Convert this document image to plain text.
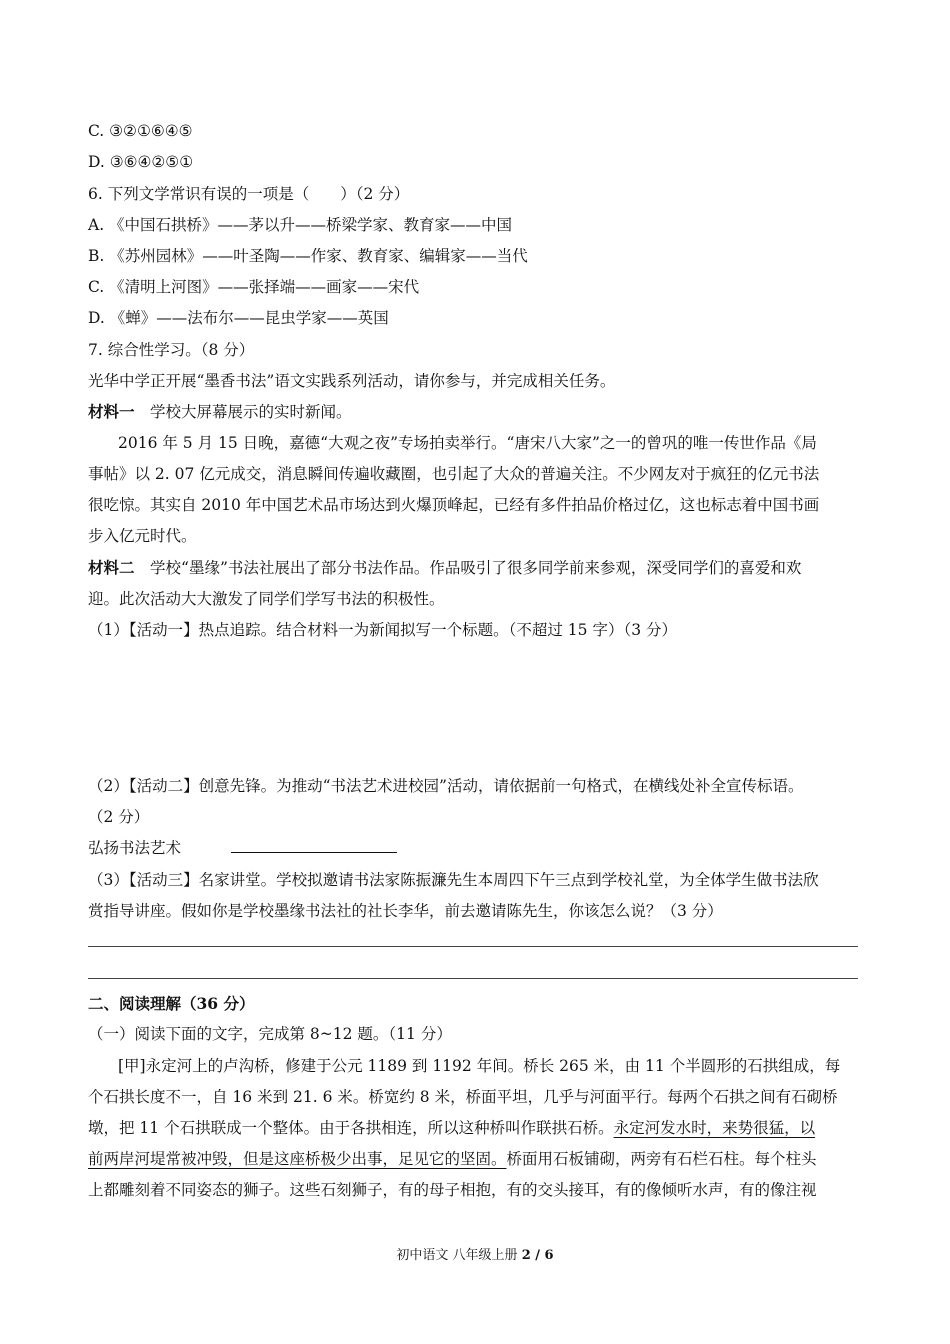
C. ③②①⑥④⑤
D. ③⑥④②⑤①
6. 下列文学常识有误的一项是（　　）（2 分）
A. 《中国石拱桥》——茅以升——桥梁学家、教育家——中国
B. 《苏州园林》——叶圣陶——作家、教育家、编辑家——当代
C. 《清明上河图》——张择端——画家——宋代
D. 《蝉》——法布尔——昆虫学家——英国
7. 综合性学习。（8 分）
光华中学正开展“墨香书法”语文实践系列活动，请你参与，并完成相关任务。
材料一　学校大屏幕展示的实时新闻。
2016 年 5 月 15 日晚，嘉德“大观之夜”专场拍卖举行。“唐宋八大家”之一的曾巩的唯一传世作品《局
事帖》以 2. 07 亿元成交，消息瞬间传遍收藏圈，也引起了大众的普遍关注。不少网友对于疯狂的亿元书法
很吃惊。其实自 2010 年中国艺术品市场达到火爆顶峰起，已经有多件拍品价格过亿，这也标志着中国书画
步入亿元时代。
材料二　学校“墨缘”书法社展出了部分书法作品。作品吸引了很多同学前来参观，深受同学们的喜爱和欢
迎。此次活动大大激发了同学们学写书法的积极性。
（1）【活动一】热点追踪。结合材料一为新闻拟写一个标题。（不超过 15 字）（3 分）
（2）【活动二】创意先锋。为推动“书法艺术进校园”活动，请依据前一句格式，在横线处补全宣传标语。
（2 分）
弘扬书法艺术
（3）【活动三】名家讲堂。学校拟邀请书法家陈振濂先生本周四下午三点到学校礼堂，为全体学生做书法欣
赏指导讲座。假如你是学校墨缘书法社的社长李华，前去邀请陈先生，你该怎么说？（3 分）
二、阅读理解（36 分）
（一）阅读下面的文字，完成第 8~12 题。（11 分）
[甲]永定河上的卢沟桥，修建于公元 1189 到 1192 年间。桥长 265 米，由 11 个半圆形的石拱组成，每
个石拱长度不一，自 16 米到 21. 6 米。桥宽约 8 米，桥面平坦，几乎与河面平行。每两个石拱之间有石砌桥
墩，把 11 个石拱联成一个整体。由于各拱相连，所以这种桥叫作联拱石桥。永定河发水时，来势很猛，以
前两岸河堤常被冲毁，但是这座桥极少出事，足见它的坚固。桥面用石板铺砌，两旁有石栏石柱。每个柱头
上都雕刻着不同姿态的狮子。这些石刻狮子，有的母子相抱，有的交头接耳，有的像倾听水声，有的像注视
初中语文 八年级上册 2 / 6
